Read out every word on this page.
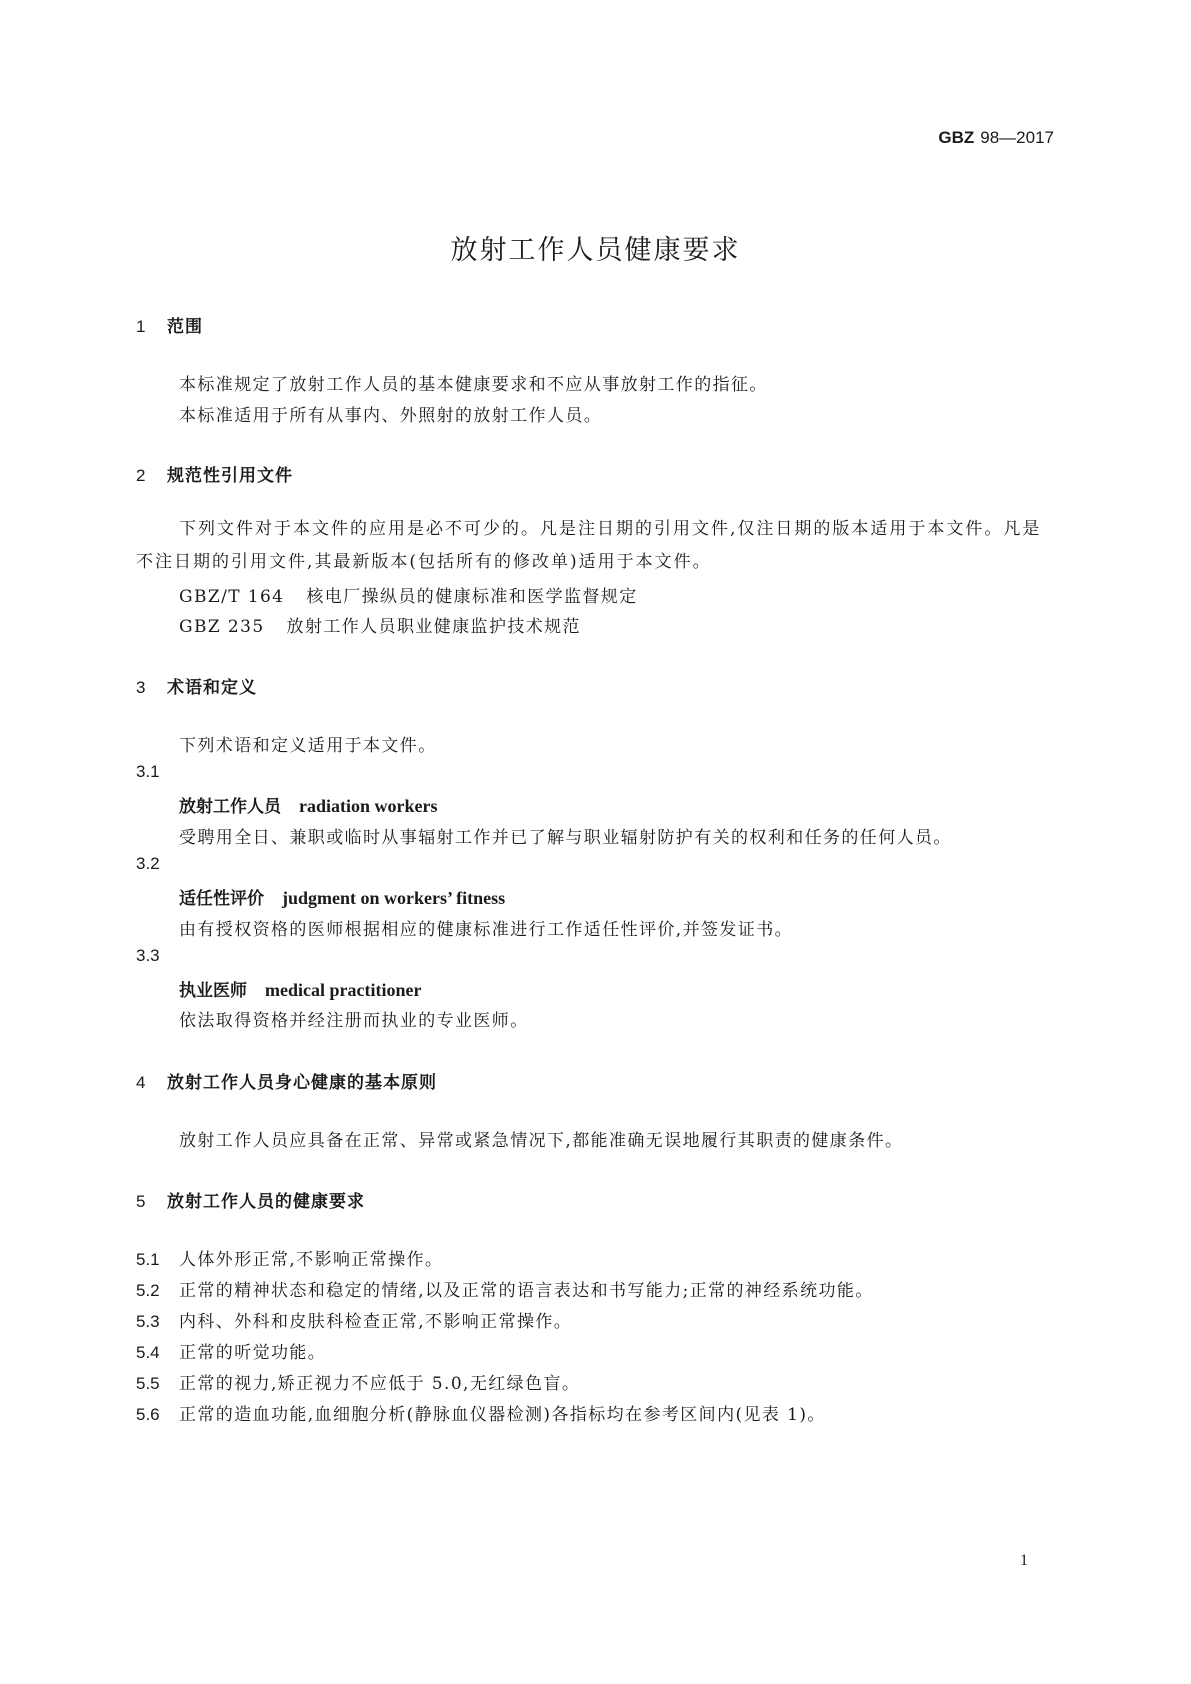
GBZ 98—2017
放射工作人员健康要求
1 范围
本标准规定了放射工作人员的基本健康要求和不应从事放射工作的指征。
本标准适用于所有从事内、外照射的放射工作人员。
2 规范性引用文件
下列文件对于本文件的应用是必不可少的。凡是注日期的引用文件,仅注日期的版本适用于本文件。凡是不注日期的引用文件,其最新版本(包括所有的修改单)适用于本文件。
GBZ/T 164 核电厂操纵员的健康标准和医学监督规定
GBZ 235 放射工作人员职业健康监护技术规范
3 术语和定义
下列术语和定义适用于本文件。
3.1
放射工作人员 radiation workers
受聘用全日、兼职或临时从事辐射工作并已了解与职业辐射防护有关的权利和任务的任何人员。
3.2
适任性评价 judgment on workers’ fitness
由有授权资格的医师根据相应的健康标准进行工作适任性评价,并签发证书。
3.3
执业医师 medical practitioner
依法取得资格并经注册而执业的专业医师。
4 放射工作人员身心健康的基本原则
放射工作人员应具备在正常、异常或紧急情况下,都能准确无误地履行其职责的健康条件。
5 放射工作人员的健康要求
5.1 人体外形正常,不影响正常操作。
5.2 正常的精神状态和稳定的情绪,以及正常的语言表达和书写能力;正常的神经系统功能。
5.3 内科、外科和皮肤科检查正常,不影响正常操作。
5.4 正常的听觉功能。
5.5 正常的视力,矫正视力不应低于 5.0,无红绿色盲。
5.6 正常的造血功能,血细胞分析(静脉血仪器检测)各指标均在参考区间内(见表 1)。
1
